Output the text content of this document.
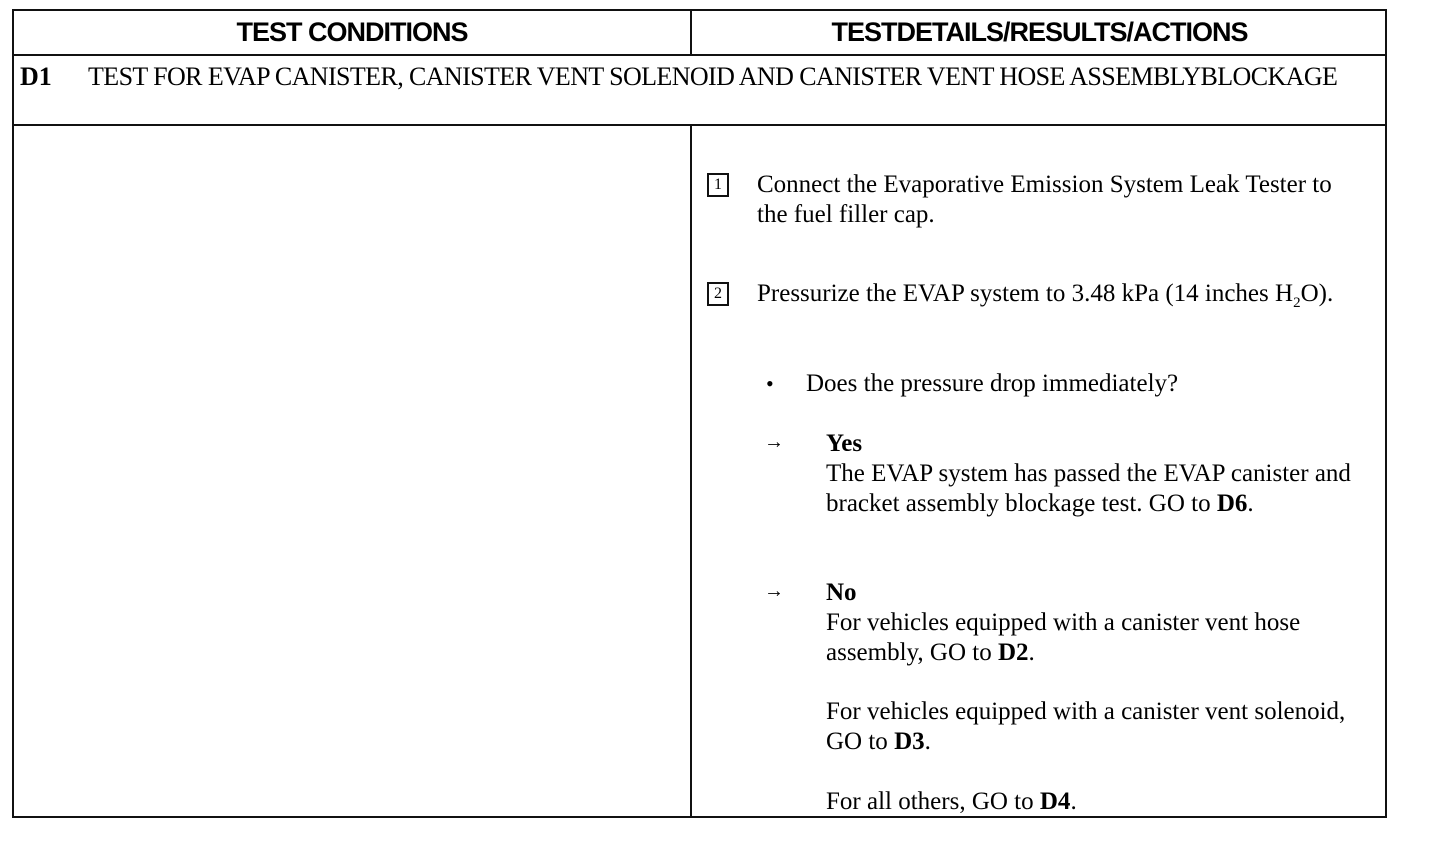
TEST CONDITIONS	TESTDETAILS/RESULTS/ACTIONS
D1 TEST FOR EVAP CANISTER, CANISTER VENT SOLENOID AND CANISTER VENT HOSE ASSEMBLYBLOCKAGE
1 Connect the Evaporative Emission System Leak Tester to the fuel filler cap.
2 Pressurize the EVAP system to 3.48 kPa (14 inches $H_2O$).
• Does the pressure drop immediately?
→ Yes
The EVAP system has passed the EVAP canister and bracket assembly blockage test. GO to D6.
→ No
For vehicles equipped with a canister vent hose assembly, GO to D2.
For vehicles equipped with a canister vent solenoid, GO to D3.
For all others, GO to D4.
